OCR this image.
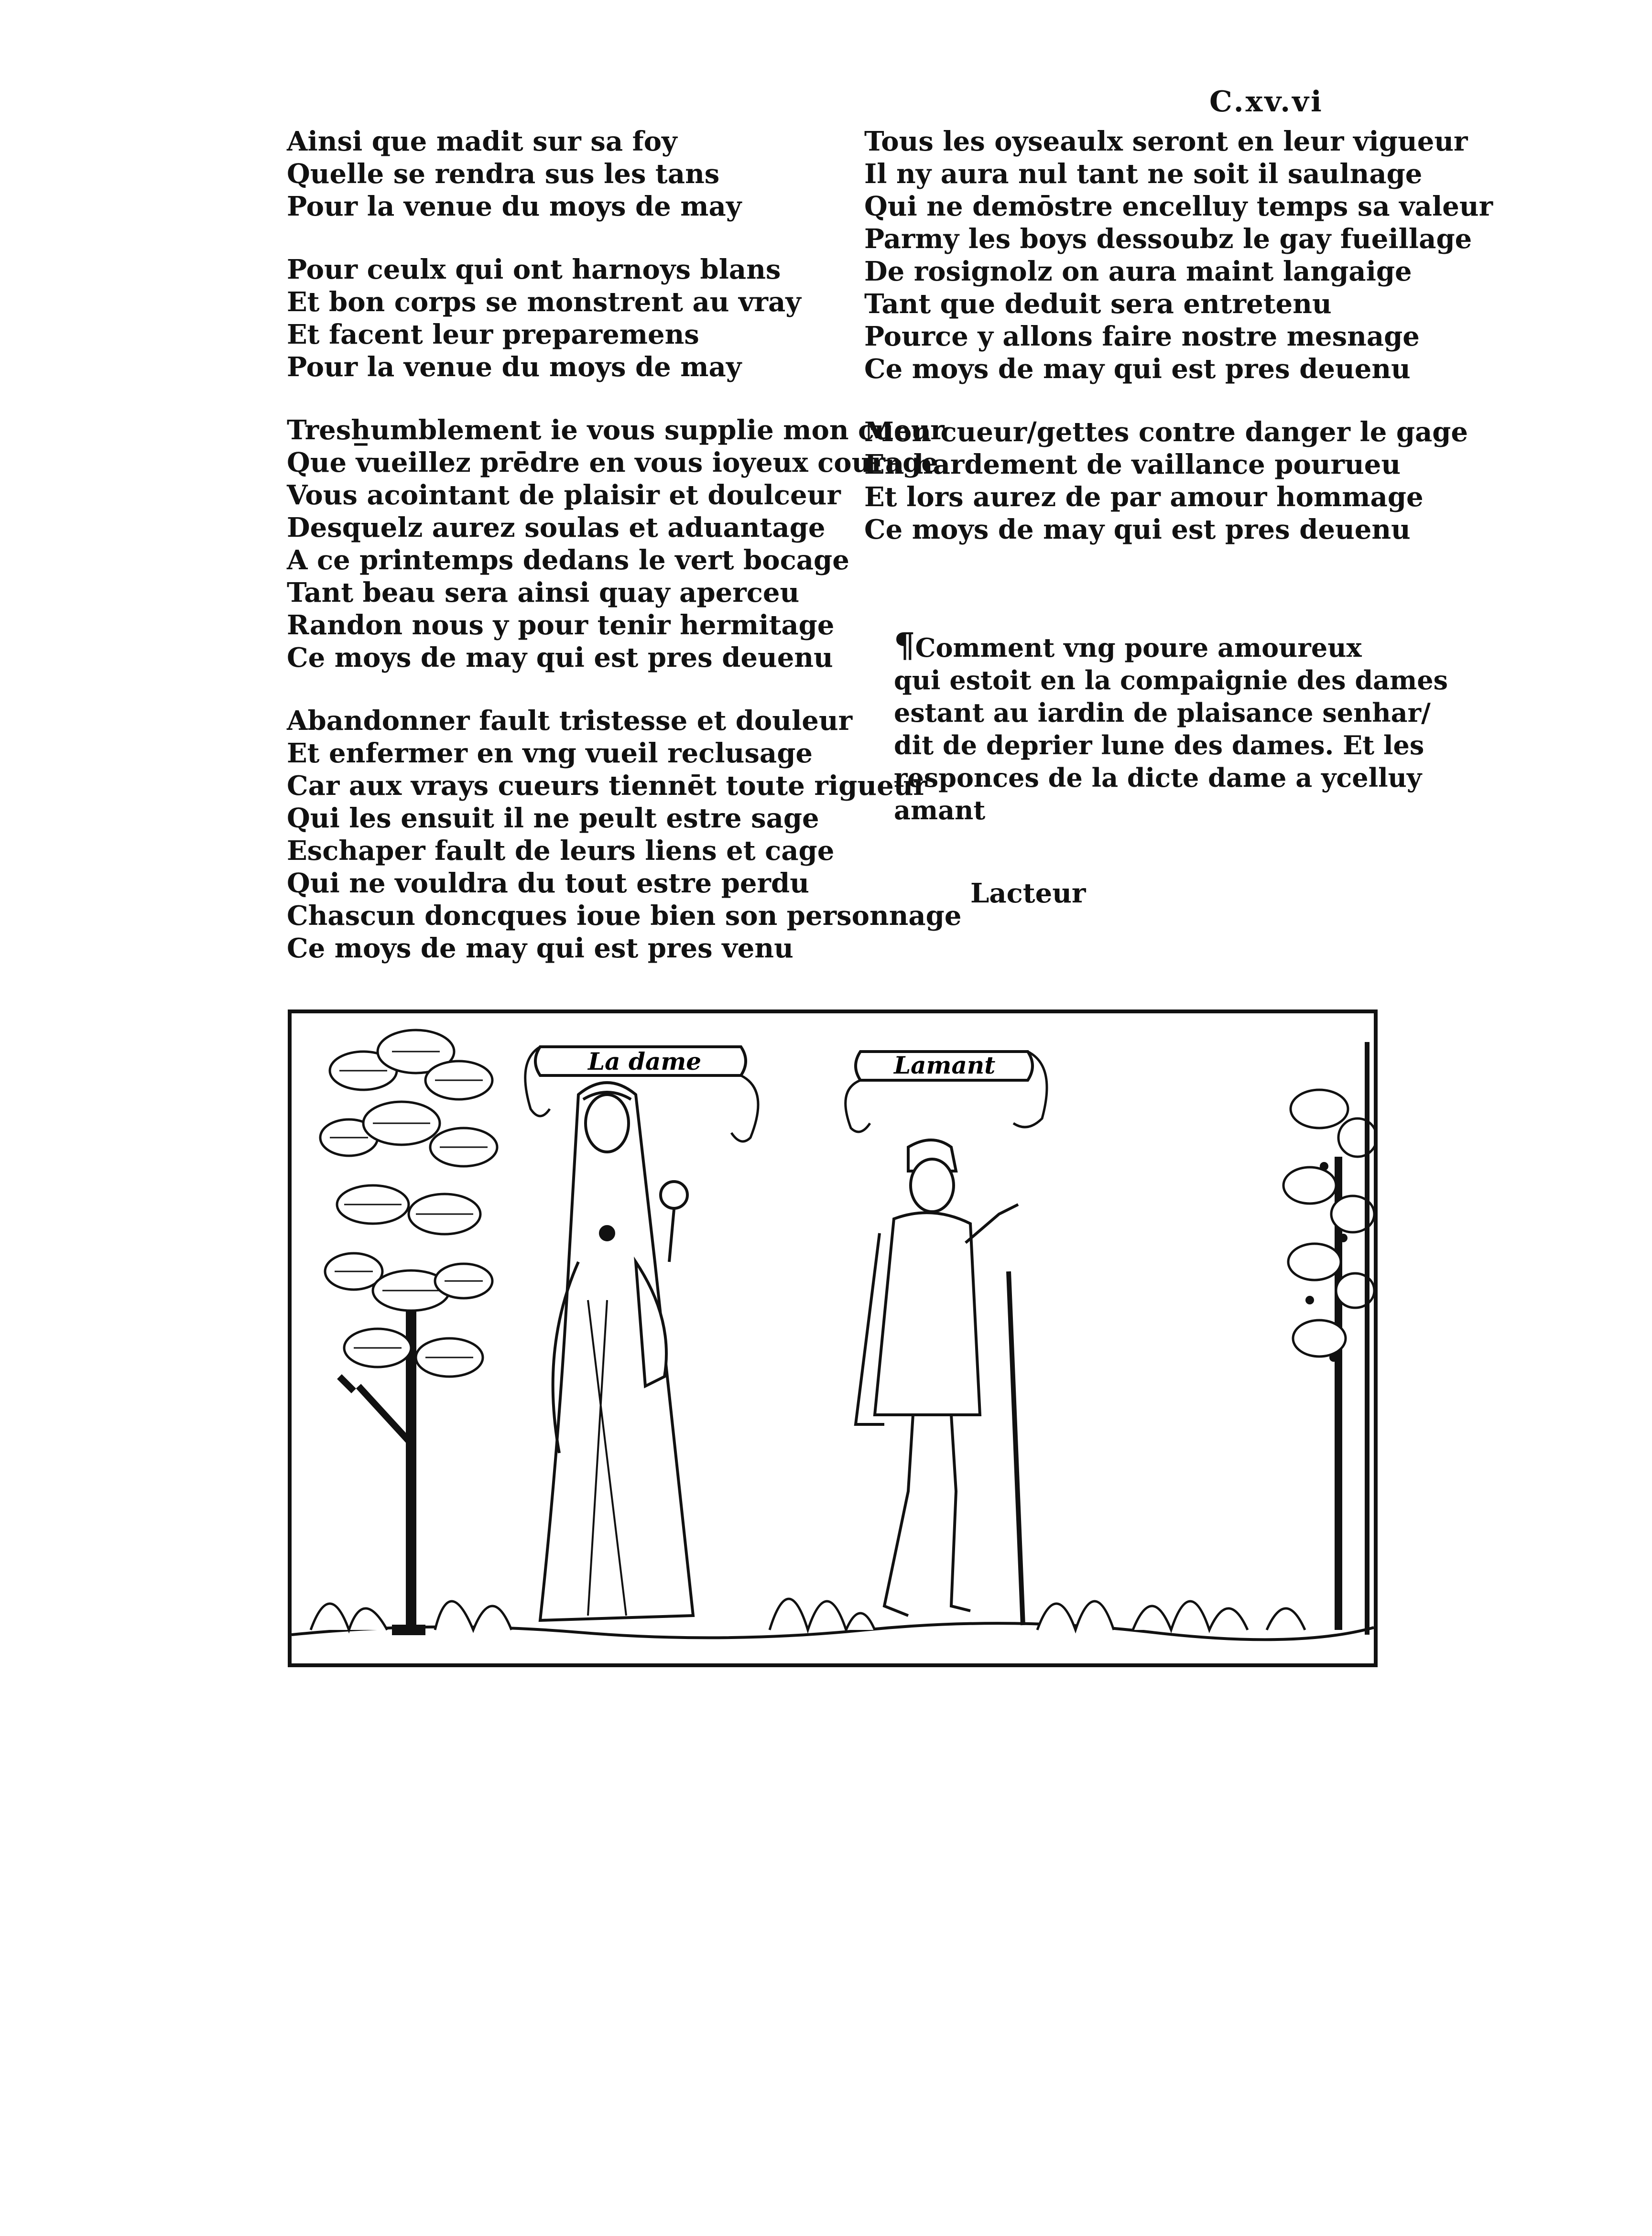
C.xv.vi
Ainsi que madit sur sa foy
Quelle se rendra sus les tans
Pour la venue du moys de may
Pour ceulx qui ont harnoys blans
Et bon corps se monstrent au vray
Et facent leur preparemens
Pour la venue du moys de may
Tresh̲umblement ie vous supplie mon cueur
Que vueillez prēdre en vous ioyeux courage
Vous acointant de plaisir et doulceur
Desquelz aurez soulas et aduantage
A ce printemps dedans le vert bocage
Tant beau sera ainsi quay aperceu
Randon nous y pour tenir hermitage
Ce moys de may qui est pres deuenu
Abandonner fault tristesse et douleur
Et enfermer en vng vueil reclusage
Car aux vrays cueurs tiennēt toute rigueur
Qui les ensuit il ne peult estre sage
Eschaper fault de leurs liens et cage
Qui ne vouldra du tout estre perdu
Chascun doncques ioue bien son personnage
Ce moys de may qui est pres venu
Tous les oyseaulx seront en leur vigueur
Il ny aura nul tant ne soit il saulnage
Qui ne demōstre encelluy temps sa valeur
Parmy les boys dessoubz le gay fueillage
De rosignolz on aura maint langaige
Tant que deduit sera entretenu
Pource y allons faire nostre mesnage
Ce moys de may qui est pres deuenu
Mon cueur/gettes contre danger le gage
En hardement de vaillance pourueu
Et lors aurez de par amour hommage
Ce moys de may qui est pres deuenu
¶Comment vng poure amoureux
qui estoit en la compaignie des dames
estant au iardin de plaisance senhar/
dit de deprier lune des dames. Et les
responces de la dicte dame a ycelluy
amant
Lacteur
La dame	Lamant
